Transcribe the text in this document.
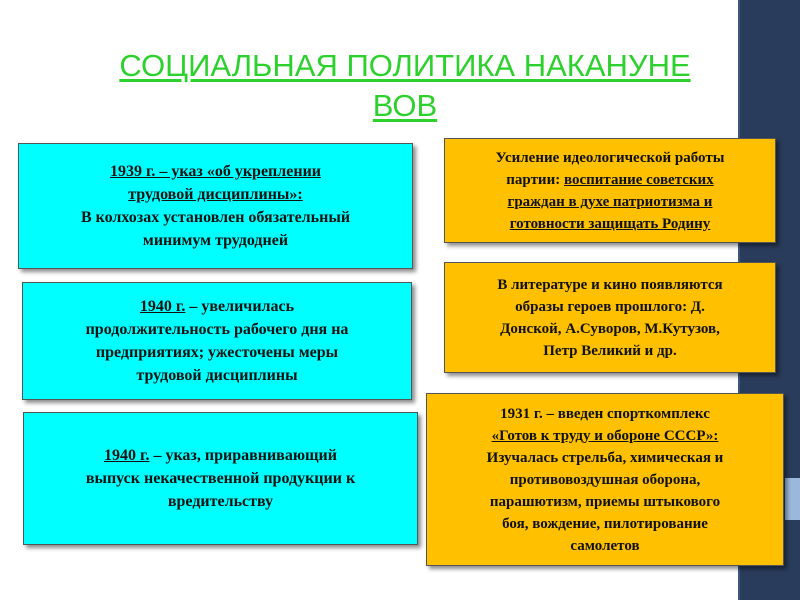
СОЦИАЛЬНАЯ ПОЛИТИКА НАКАНУНЕ
ВОВ

1939 г. – указ «об укреплении
трудовой дисциплины»:
В колхозах установлен обязательный
минимум трудодней

1940 г. – увеличилась
продолжительность рабочего дня на
предприятиях; ужесточены меры
трудовой дисциплины

1940 г. – указ, приравнивающий
выпуск некачественной продукции к
вредительству

Усиление идеологической работы
партии: воспитание советских
граждан в духе патриотизма и
готовности защищать Родину

В литературе и кино появляются
образы героев прошлого: Д.
Донской, А.Суворов, М.Кутузов,
Петр Великий и др.

1931 г. – введен спорткомплекс
«Готов к труду и обороне СССР»:
Изучалась стрельба, химическая и
противовоздушная оборона,
парашютизм, приемы штыкового
боя, вождение, пилотирование
самолетов
